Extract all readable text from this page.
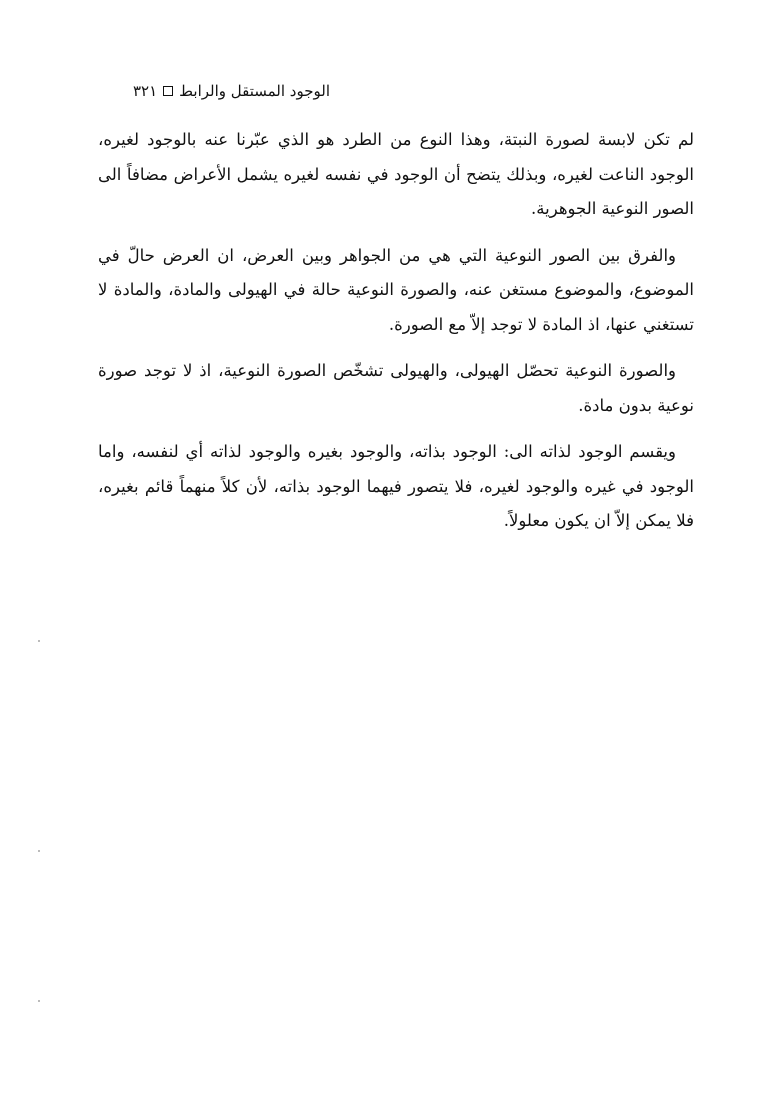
الوجود المستقل والرابط
٣٢١

لم تكن لابسة لصورة النبتة، وهذا النوع من الطرد هو الذي عبّرنا عنه بالوجود لغيره، الوجود الناعت لغيره، وبذلك يتضح أن الوجود في نفسه لغيره يشمل الأعراض مضافاً الى الصور النوعية الجوهرية.

والفرق بين الصور النوعية التي هي من الجواهر وبين العرض، ان العرض حالّ في الموضوع، والموضوع مستغن عنه، والصورة النوعية حالة في الهيولى والمادة، والمادة لا تستغني عنها، اذ المادة لا توجد إلاّ مع الصورة.

والصورة النوعية تحصّل الهيولى، والهيولى تشخّص الصورة النوعية، اذ لا توجد صورة نوعية بدون مادة.

ويقسم الوجود لذاته الى: الوجود بذاته، والوجود بغيره والوجود لذاته أي لنفسه، واما الوجود في غيره والوجود لغيره، فلا يتصور فيهما الوجود بذاته، لأن كلاً منهماً قائم بغيره، فلا يمكن إلاّ ان يكون معلولاً.
